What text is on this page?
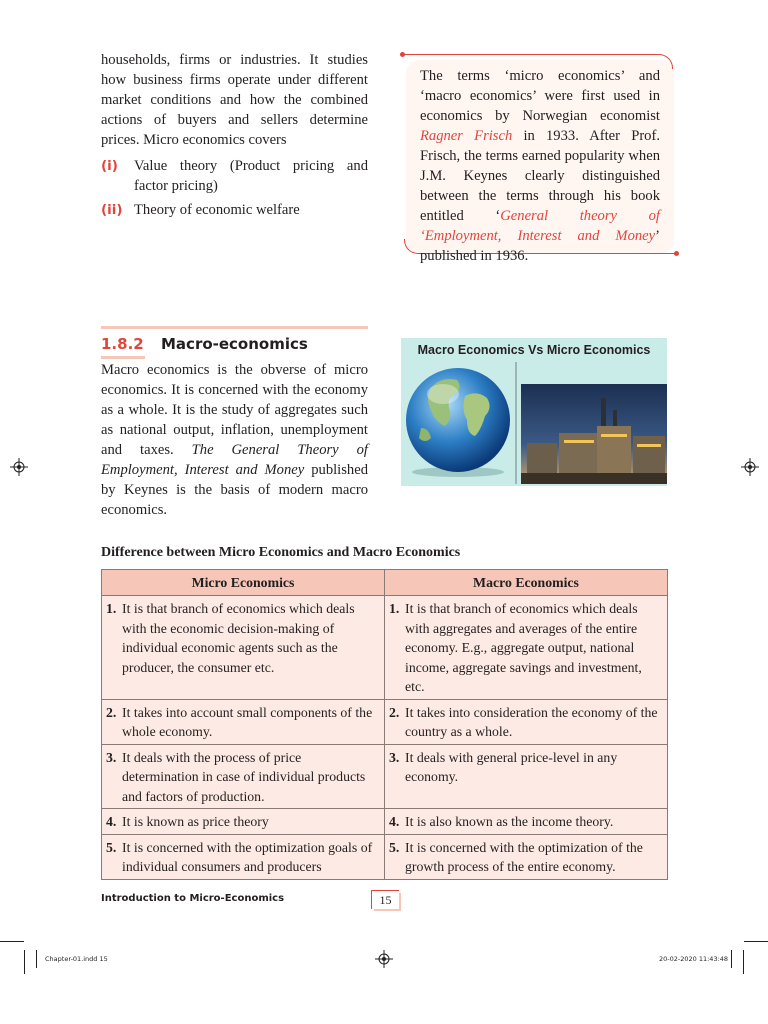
households, firms or industries. It studies how business firms operate under different market conditions and how the combined actions of buyers and sellers determine prices. Micro economics covers

(i)	Value theory (Product pricing and factor pricing)
(ii) Theory of economic welfare
The terms ‘micro economics’ and ‘macro economics’ were first used in economics by Norwegian economist Ragner Frisch in 1933. After Prof. Frisch, the terms earned popularity when J.M. Keynes clearly distinguished between the terms through his book entitled ‘General theory of ‘Employment, Interest and Money’ published in 1936.
1.8.2	Macro-economics

Macro economics is the obverse of micro economics. It is concerned with the economy as a whole. It is the study of aggregates such as national output, inflation, unemployment and taxes. The General Theory of Employment, Interest and Money published by Keynes is the basis of modern macro economics.

Macro Economics Vs Micro Economics
Difference between Micro Economics and Macro Economics
Micro Economics	Macro Economics

1. It is that branch of economics which deals with the economic decision-making of individual economic agents such as the producer, the consumer etc.	1. It is that branch of economics which deals with aggregates and averages of the entire economy. E.g., aggregate output, national income, aggregate savings and investment, etc.

2. It takes into account small components of the whole economy.	2. It takes into consideration the economy of the country as a whole.

3. It deals with the process of price determination in case of individual products and factors of production.	3. It deals with general price-level in any economy.

4. It is known as price theory	4. It is also known as the income theory.

5. It is concerned with the optimization goals of individual consumers and producers	5. It is concerned with the optimization of the growth process of the entire economy.
Introduction to Micro-Economics	15
Chapter-01.indd 15	20-02-2020 11:43:48
